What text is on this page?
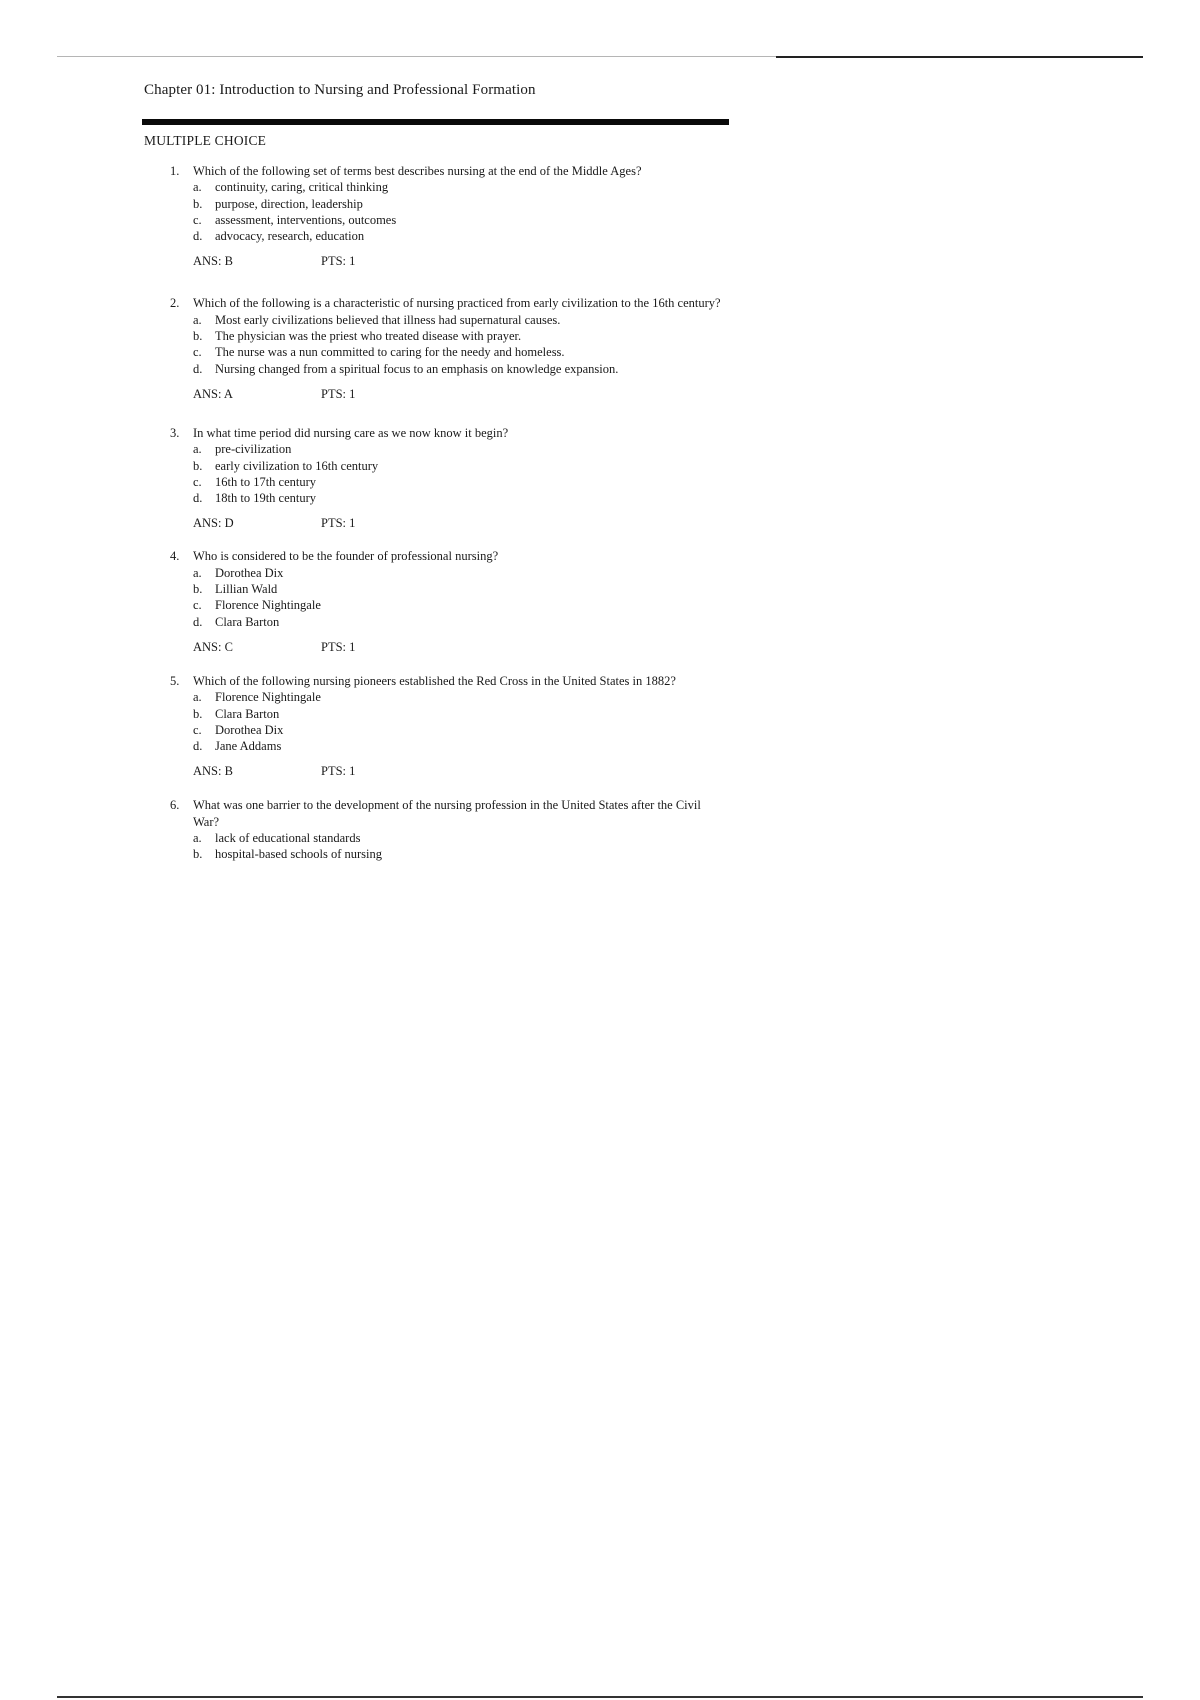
Chapter 01: Introduction to Nursing and Professional Formation
MULTIPLE CHOICE
1. Which of the following set of terms best describes nursing at the end of the Middle Ages?
a. continuity, caring, critical thinking
b. purpose, direction, leadership
c. assessment, interventions, outcomes
d. advocacy, research, education
ANS: B	PTS: 1
2. Which of the following is a characteristic of nursing practiced from early civilization to the 16th century?
a. Most early civilizations believed that illness had supernatural causes.
b. The physician was the priest who treated disease with prayer.
c. The nurse was a nun committed to caring for the needy and homeless.
d. Nursing changed from a spiritual focus to an emphasis on knowledge expansion.
ANS: A	PTS: 1
3. In what time period did nursing care as we now know it begin?
a. pre-civilization
b. early civilization to 16th century
c. 16th to 17th century
d. 18th to 19th century
ANS: D	PTS: 1
4. Who is considered to be the founder of professional nursing?
a. Dorothea Dix
b. Lillian Wald
c. Florence Nightingale
d. Clara Barton
ANS: C	PTS: 1
5. Which of the following nursing pioneers established the Red Cross in the United States in 1882?
a. Florence Nightingale
b. Clara Barton
c. Dorothea Dix
d. Jane Addams
ANS: B	PTS: 1
6. What was one barrier to the development of the nursing profession in the United States after the Civil War?
a. lack of educational standards
b. hospital-based schools of nursing
